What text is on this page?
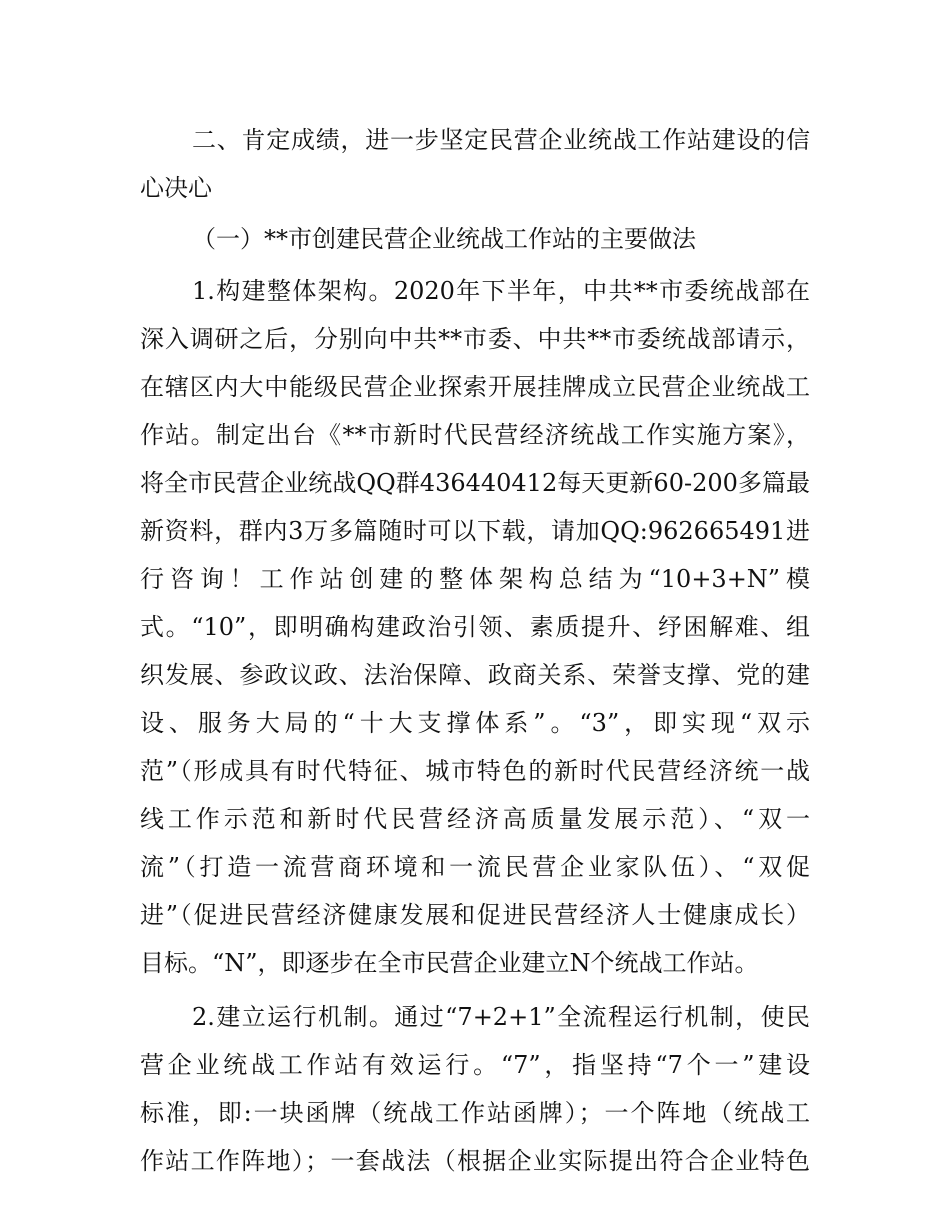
二、肯定成绩，进一步坚定民营企业统战工作站建设的信
心决心
（一）**市创建民营企业统战工作站的主要做法
1.构建整体架构。2020年下半年，中共**市委统战部在
深入调研之后，分别向中共**市委、中共**市委统战部请示，
在辖区内大中能级民营企业探索开展挂牌成立民营企业统战工
作站。制定出台《**市新时代民营经济统战工作实施方案》，
将全市民营企业统战QQ群436440412每天更新60-200多篇最
新资料，群内3万多篇随时可以下载，请加QQ:962665491进
行咨询！工作站创建的整体架构总结为“10+3+N”模
式。“10”，即明确构建政治引领、素质提升、纾困解难、组
织发展、参政议政、法治保障、政商关系、荣誉支撑、党的建
设、服务大局的“十大支撑体系”。“3”，即实现“双示
范”（形成具有时代特征、城市特色的新时代民营经济统一战
线工作示范和新时代民营经济高质量发展示范）、“双一
流”（打造一流营商环境和一流民营企业家队伍）、“双促
进”（促进民营经济健康发展和促进民营经济人士健康成长）
目标。“N”，即逐步在全市民营企业建立N个统战工作站。
2.建立运行机制。通过“7+2+1”全流程运行机制，使民
营企业统战工作站有效运行。“7”，指坚持“7个一”建设
标准，即:一块函牌（统战工作站函牌）；一个阵地（统战工
作站工作阵地）；一套战法（根据企业实际提出符合企业特色
